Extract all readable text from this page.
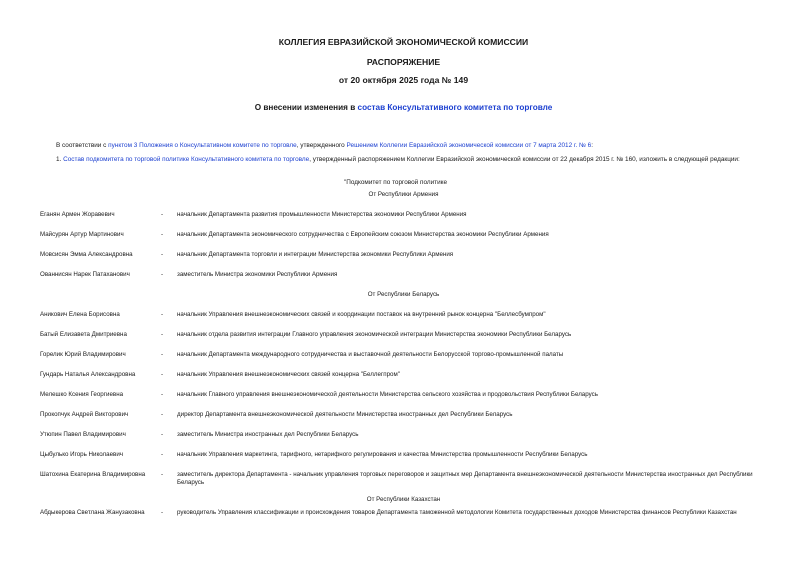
КОЛЛЕГИЯ ЕВРАЗИЙСКОЙ ЭКОНОМИЧЕСКОЙ КОМИССИИ
РАСПОРЯЖЕНИЕ
от 20 октября 2025 года № 149
О внесении изменения в состав Консультативного комитета по торговле
В соответствии с пунктом 3 Положения о Консультативном комитете по торговле, утвержденного Решением Коллегии Евразийской экономической комиссии от 7 марта 2012 г. № 6:
1. Состав подкомитета по торговой политике Консультативного комитета по торговле, утвержденный распоряжением Коллегии Евразийской экономической комиссии от 22 декабря 2015 г. № 160, изложить в следующей редакции:
"Подкомитет по торговой политике
От Республики Армения
Еганян Армен Жоравевич	- начальник Департамента развития промышленности Министерства экономики Республики Армения
Майсурян Артур Мартинович	- начальник Департамента экономического сотрудничества с Европейским союзом Министерства экономики Республики Армения
Мовсисян Эмма Александровна	- начальник Департамента торговли и интеграции Министерства экономики Республики Армения
Ованнисян Нарек Патаханович	- заместитель Министра экономики Республики Армения
От Республики Беларусь
Аникович Елена Борисовна	- начальник Управления внешнеэкономических связей и координации поставок на внутренний рынок концерна "Беллесбумпром"
Батый Елизавета Дмитриевна	- начальник отдела развития интеграции Главного управления экономической интеграции Министерства экономики Республики Беларусь
Горелик Юрий Владимирович	- начальник Департамента международного сотрудничества и выставочной деятельности Белорусской торгово-промышленной палаты
Гундарь Наталья Александровна	- начальник Управления внешнеэкономических связей концерна "Беллегпром"
Мелешко Ксения Георгиевна	- начальник Главного управления внешнеэкономической деятельности Министерства сельского хозяйства и продовольствия Республики Беларусь
Прокопчук Андрей Викторович	- директор Департамента внешнеэкономической деятельности Министерства иностранных дел Республики Беларусь
Утюпин Павел Владимирович	- заместитель Министра иностранных дел Республики Беларусь
Цыбулько Игорь Николаевич	- начальник Управления маркетинга, тарифного, нетарифного регулирования и качества Министерства промышленности Республики Беларусь
Шатохина Екатерина Владимировна	- заместитель директора Департамента - начальник управления торговых переговоров и защитных мер Департамента внешнеэкономической деятельности Министерства иностранных дел Республики Беларусь
От Республики Казахстан
Абдыкерова Светлана Жанузаковна	- руководитель Управления классификации и происхождения товаров Департамента таможенной методологии Комитета государственных доходов Министерства финансов Республики Казахстан
